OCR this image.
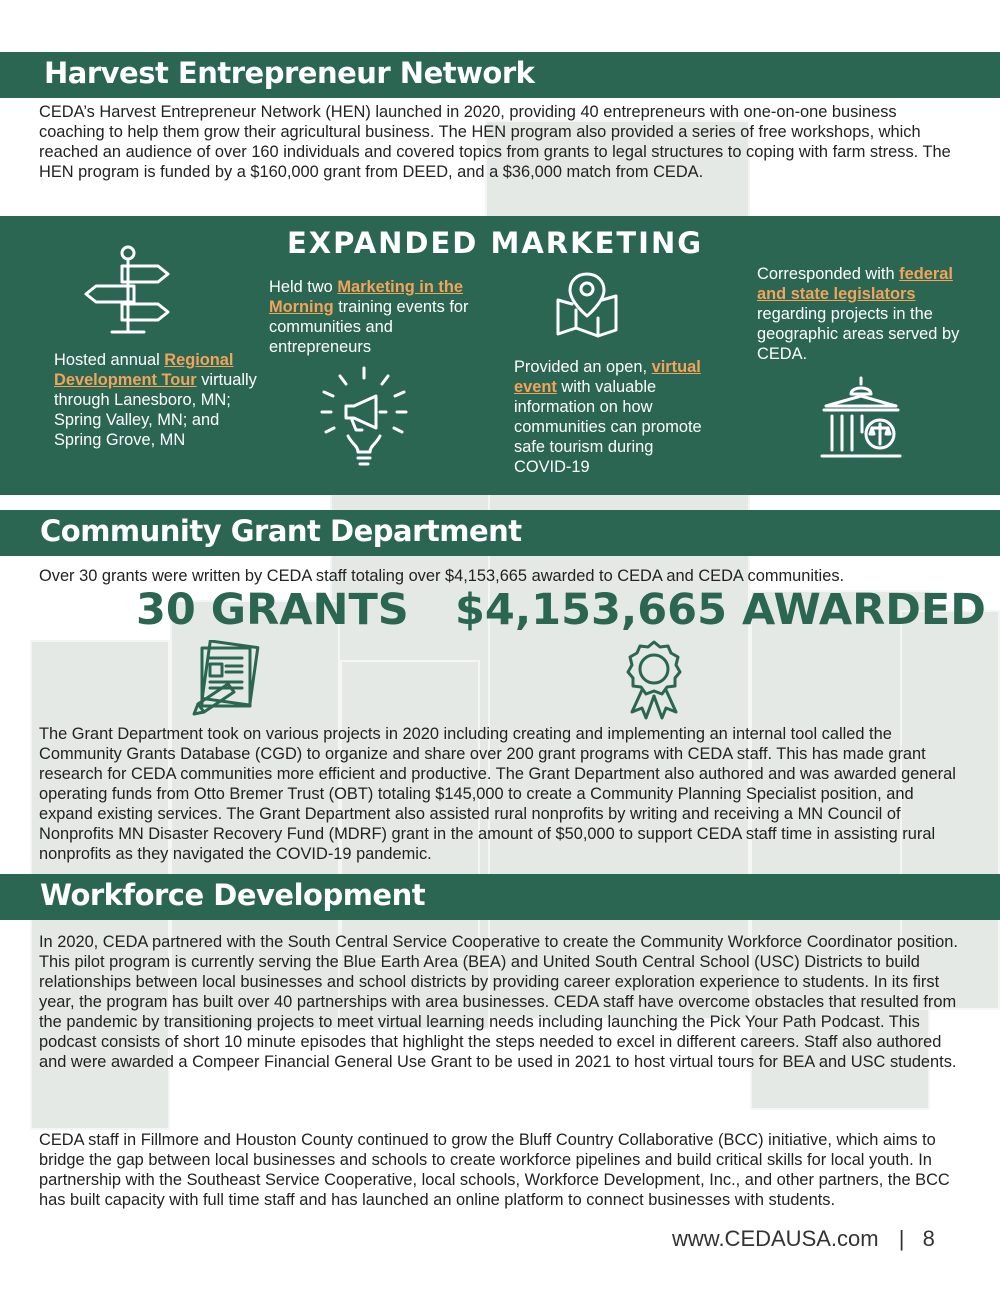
Harvest Entrepreneur Network
CEDA’s Harvest Entrepreneur Network (HEN) launched in 2020, providing 40 entrepreneurs with one-on-one business coaching to help them grow their agricultural business. The HEN program also provided a series of free workshops, which reached an audience of over 160 individuals and covered topics from grants to legal structures to coping with farm stress. The HEN program is funded by a $160,000 grant from DEED, and a $36,000 match from CEDA.
EXPANDED MARKETING
Hosted annual Regional Development Tour virtually through Lanesboro, MN; Spring Valley, MN; and Spring Grove, MN
Held two Marketing in the Morning training events for communities and entrepreneurs
Provided an open, virtual event with valuable information on how communities can promote safe tourism during COVID-19
Corresponded with federal and state legislators regarding projects in the geographic areas served by CEDA.
Community Grant Department
Over 30 grants were written by CEDA staff totaling over $4,153,665 awarded to CEDA and CEDA communities.
30 GRANTS $4,153,665 AWARDED
The Grant Department took on various projects in 2020 including creating and implementing an internal tool called the Community Grants Database (CGD) to organize and share over 200 grant programs with CEDA staff. This has made grant research for CEDA communities more efficient and productive. The Grant Department also authored and was awarded general operating funds from Otto Bremer Trust (OBT) totaling $145,000 to create a Community Planning Specialist position, and expand existing services. The Grant Department also assisted rural nonprofits by writing and receiving a MN Council of Nonprofits MN Disaster Recovery Fund (MDRF) grant in the amount of $50,000 to support CEDA staff time in assisting rural nonprofits as they navigated the COVID-19 pandemic.
Workforce Development
In 2020, CEDA partnered with the South Central Service Cooperative to create the Community Workforce Coordinator position. This pilot program is currently serving the Blue Earth Area (BEA) and United South Central School (USC) Districts to build relationships between local businesses and school districts by providing career exploration experience to students. In its first year, the program has built over 40 partnerships with area businesses. CEDA staff have overcome obstacles that resulted from the pandemic by transitioning projects to meet virtual learning needs including launching the Pick Your Path Podcast. This podcast consists of short 10 minute episodes that highlight the steps needed to excel in different careers. Staff also authored and were awarded a Compeer Financial General Use Grant to be used in 2021 to host virtual tours for BEA and USC students.
CEDA staff in Fillmore and Houston County continued to grow the Bluff Country Collaborative (BCC) initiative, which aims to bridge the gap between local businesses and schools to create workforce pipelines and build critical skills for local youth. In partnership with the Southeast Service Cooperative, local schools, Workforce Development, Inc., and other partners, the BCC has built capacity with full time staff and has launched an online platform to connect businesses with students.
www.CEDAUSA.com | 8
